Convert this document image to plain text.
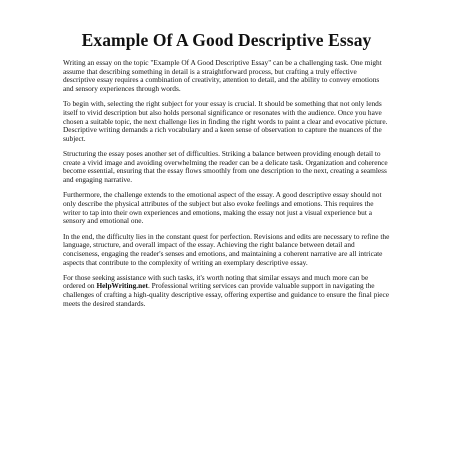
Example Of A Good Descriptive Essay

Writing an essay on the topic "Example Of A Good Descriptive Essay" can be a challenging task. One might assume that describing something in detail is a straightforward process, but crafting a truly effective descriptive essay requires a combination of creativity, attention to detail, and the ability to convey emotions and sensory experiences through words.

To begin with, selecting the right subject for your essay is crucial. It should be something that not only lends itself to vivid description but also holds personal significance or resonates with the audience. Once you have chosen a suitable topic, the next challenge lies in finding the right words to paint a clear and evocative picture. Descriptive writing demands a rich vocabulary and a keen sense of observation to capture the nuances of the subject.

Structuring the essay poses another set of difficulties. Striking a balance between providing enough detail to create a vivid image and avoiding overwhelming the reader can be a delicate task. Organization and coherence become essential, ensuring that the essay flows smoothly from one description to the next, creating a seamless and engaging narrative.

Furthermore, the challenge extends to the emotional aspect of the essay. A good descriptive essay should not only describe the physical attributes of the subject but also evoke feelings and emotions. This requires the writer to tap into their own experiences and emotions, making the essay not just a visual experience but a sensory and emotional one.

In the end, the difficulty lies in the constant quest for perfection. Revisions and edits are necessary to refine the language, structure, and overall impact of the essay. Achieving the right balance between detail and conciseness, engaging the reader's senses and emotions, and maintaining a coherent narrative are all intricate aspects that contribute to the complexity of writing an exemplary descriptive essay.

For those seeking assistance with such tasks, it's worth noting that similar essays and much more can be ordered on HelpWriting.net. Professional writing services can provide valuable support in navigating the challenges of crafting a high-quality descriptive essay, offering expertise and guidance to ensure the final piece meets the desired standards.
